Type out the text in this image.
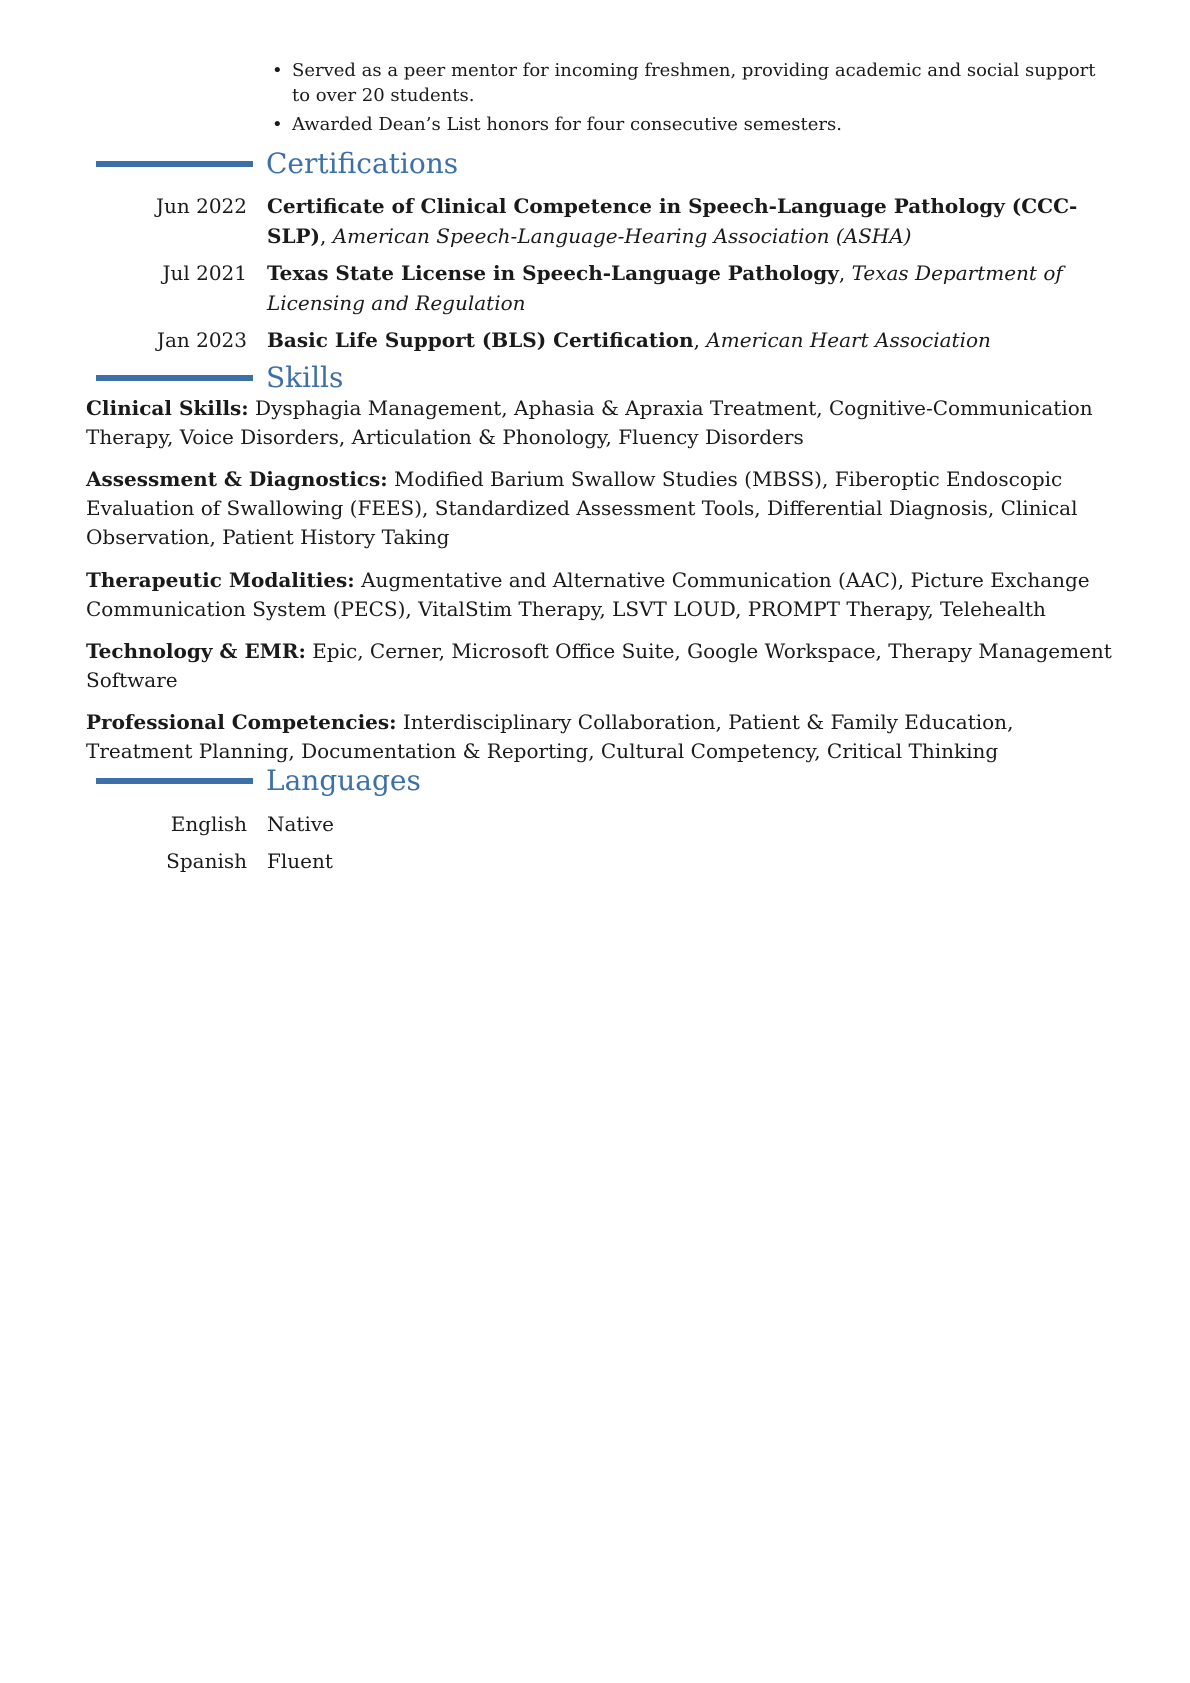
• Served as a peer mentor for incoming freshmen, providing academic and social support to over 20 students.
• Awarded Dean’s List honors for four consecutive semesters.
Certifications
Jun 2022 Certificate of Clinical Competence in Speech-Language Pathology (CCC-SLP), American Speech-Language-Hearing Association (ASHA)
Jul 2021 Texas State License in Speech-Language Pathology, Texas Department of Licensing and Regulation
Jan 2023 Basic Life Support (BLS) Certification, American Heart Association
Skills
Clinical Skills: Dysphagia Management, Aphasia & Apraxia Treatment, Cognitive-Communication Therapy, Voice Disorders, Articulation & Phonology, Fluency Disorders
Assessment & Diagnostics: Modified Barium Swallow Studies (MBSS), Fiberoptic Endoscopic Evaluation of Swallowing (FEES), Standardized Assessment Tools, Differential Diagnosis, Clinical Observation, Patient History Taking
Therapeutic Modalities: Augmentative and Alternative Communication (AAC), Picture Exchange Communication System (PECS), VitalStim Therapy, LSVT LOUD, PROMPT Therapy, Telehealth
Technology & EMR: Epic, Cerner, Microsoft Office Suite, Google Workspace, Therapy Management Software
Professional Competencies: Interdisciplinary Collaboration, Patient & Family Education, Treatment Planning, Documentation & Reporting, Cultural Competency, Critical Thinking
Languages
English Native
Spanish Fluent
